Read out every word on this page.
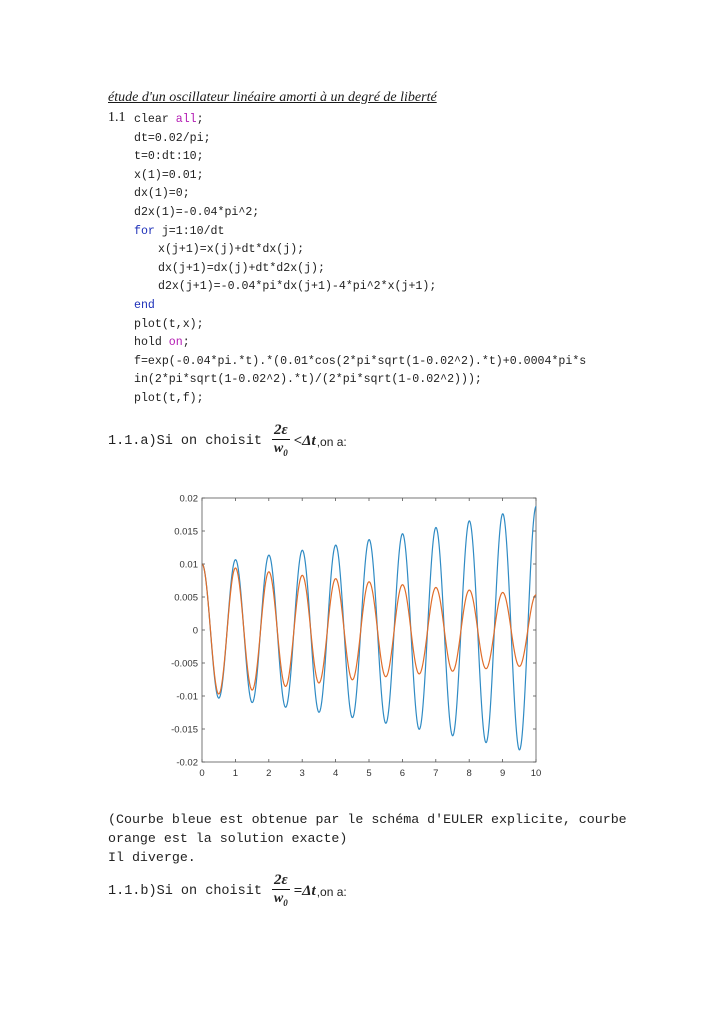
étude d'un oscillateur linéaire amorti à un degré de liberté
1.1 clear all;
dt=0.02/pi;
t=0:dt:10;
x(1)=0.01;
dx(1)=0;
d2x(1)=-0.04*pi^2;
for j=1:10/dt
x(j+1)=x(j)+dt*dx(j);
dx(j+1)=dx(j)+dt*d2x(j);
d2x(j+1)=-0.04*pi*dx(j+1)-4*pi^2*x(j+1);
end
plot(t,x);
hold on;
f=exp(-0.04*pi.*t).*(0.01*cos(2*pi*sqrt(1-0.02^2).*t)+0.0004*pi*s
in(2*pi*sqrt(1-0.02^2).*t)/(2*pi*sqrt(1-0.02^2)));
plot(t,f);
1.1.a)Si on choisit $\frac{2\varepsilon}{w_0} <\Delta t$ ,on a:
0	1	2	3	4	5	6	7	8	9	10
0.02
0.015
0.01
0.005
0
-0.005
-0.01
-0.015
-0.02
(Courbe bleue est obtenue par le schéma d'EULER explicite, courbe
orange est la solution exacte)
Il diverge.
1.1.b)Si on choisit $\frac{2\varepsilon}{w_0} =\Delta t$ ,on a:
